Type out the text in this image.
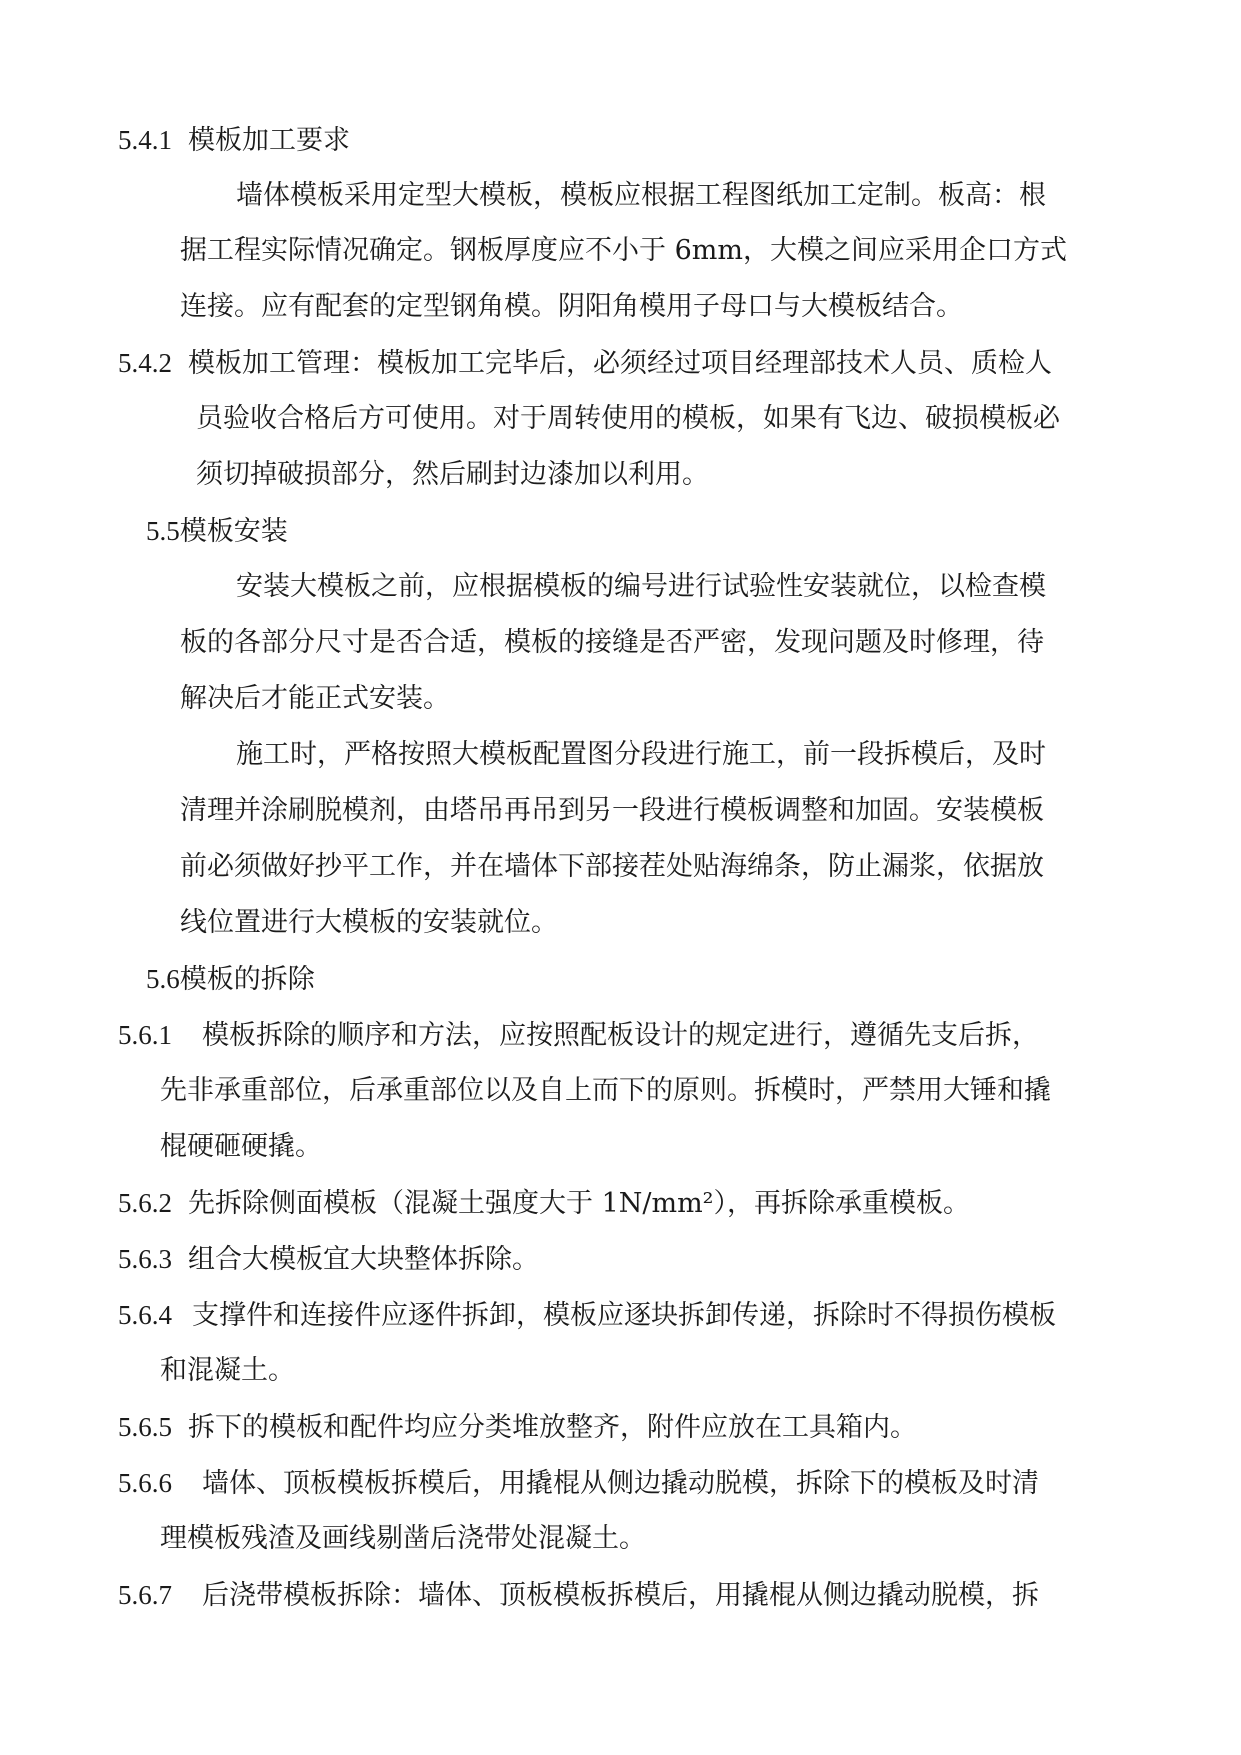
5.4.1 模板加工要求
墙体模板采用定型大模板，模板应根据工程图纸加工定制。板高：根
据工程实际情况确定。钢板厚度应不小于 6mm，大模之间应采用企口方式
连接。应有配套的定型钢角模。阴阳角模用子母口与大模板结合。
5.4.2 模板加工管理：模板加工完毕后，必须经过项目经理部技术人员、质检人
员验收合格后方可使用。对于周转使用的模板，如果有飞边、破损模板必
须切掉破损部分，然后刷封边漆加以利用。
5.5模板安装
安装大模板之前，应根据模板的编号进行试验性安装就位，以检查模
板的各部分尺寸是否合适，模板的接缝是否严密，发现问题及时修理，待
解决后才能正式安装。
施工时，严格按照大模板配置图分段进行施工，前一段拆模后，及时
清理并涂刷脱模剂，由塔吊再吊到另一段进行模板调整和加固。安装模板
前必须做好抄平工作，并在墙体下部接茬处贴海绵条，防止漏浆，依据放
线位置进行大模板的安装就位。
5.6模板的拆除
5.6.1 模板拆除的顺序和方法，应按照配板设计的规定进行，遵循先支后拆，
先非承重部位，后承重部位以及自上而下的原则。拆模时，严禁用大锤和撬
棍硬砸硬撬。
5.6.2 先拆除侧面模板（混凝土强度大于 1N/mm²），再拆除承重模板。
5.6.3 组合大模板宜大块整体拆除。
5.6.4 支撑件和连接件应逐件拆卸，模板应逐块拆卸传递，拆除时不得损伤模板
和混凝土。
5.6.5 拆下的模板和配件均应分类堆放整齐，附件应放在工具箱内。
5.6.6 墙体、顶板模板拆模后，用撬棍从侧边撬动脱模，拆除下的模板及时清
理模板残渣及画线剔凿后浇带处混凝土。
5.6.7 后浇带模板拆除：墙体、顶板模板拆模后，用撬棍从侧边撬动脱模，拆
